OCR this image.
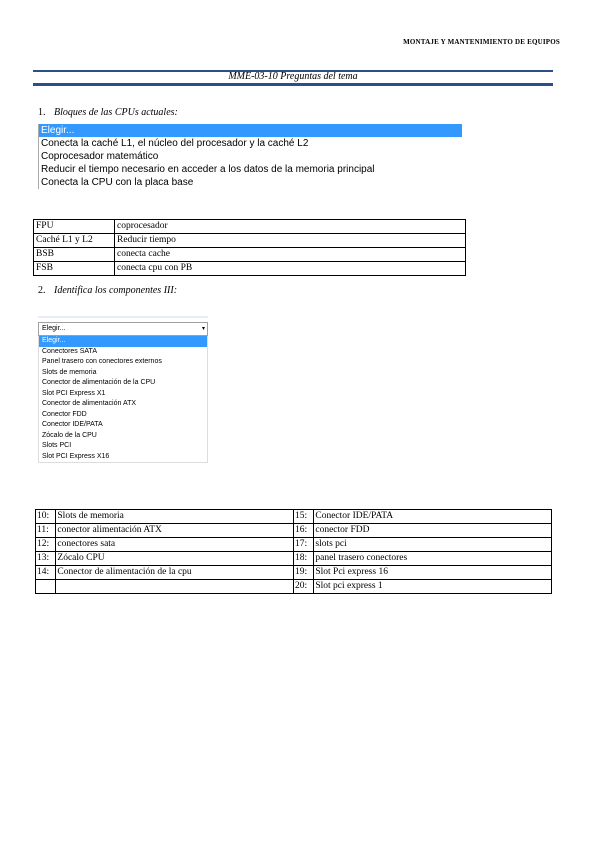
MONTAJE Y MANTENIMIENTO DE EQUIPOS
MME-03-10 Preguntas del tema
1. Bloques de las CPUs actuales:
Elegir...
Conecta la caché L1, el núcleo del procesador y la caché L2
Coprocesador matemático
Reducir el tiempo necesario en acceder a los datos de la memoria principal
Conecta la CPU con la placa base
FPU	coprocesador
Caché L1 y L2	Reducir tiempo
BSB	conecta cache
FSB	conecta cpu con PB
2. Identifica los componentes III:
Elegir...	▾
Elegir...
Conectores SATA
Panel trasero con conectores externos
Slots de memoria
Conector de alimentación de la CPU
Slot PCI Express X1
Conector de alimentación ATX
Conector FDD
Conector IDE/PATA
Zócalo de la CPU
Slots PCI
Slot PCI Express X16
10:	Slots de memoria	15:	Conector IDE/PATA
11:	conector alimentación ATX	16:	conector FDD
12:	conectores sata	17:	slots pci
13:	Zócalo CPU	18:	panel trasero conectores
14:	Conector de alimentación de la cpu	19:	Slot Pci express 16
		20:	Slot pci express 1
